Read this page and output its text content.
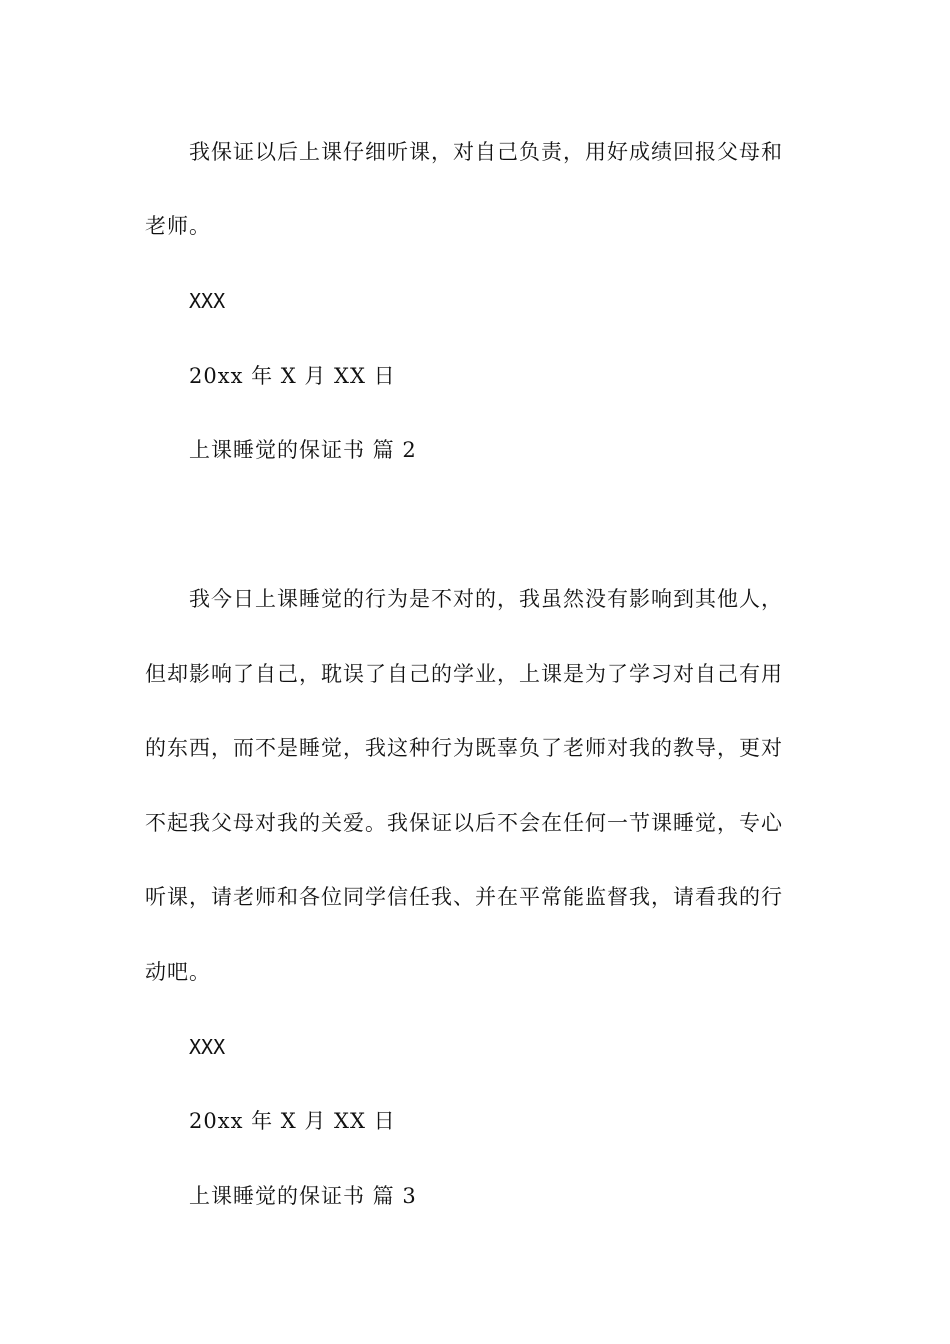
我保证以后上课仔细听课，对自己负责，用好成绩回报父母和
老师。
XXX
20xx 年 X 月 XX 日
上课睡觉的保证书 篇 2
我今日上课睡觉的行为是不对的，我虽然没有影响到其他人，
但却影响了自己，耽误了自己的学业，上课是为了学习对自己有用
的东西，而不是睡觉，我这种行为既辜负了老师对我的教导，更对
不起我父母对我的关爱。我保证以后不会在任何一节课睡觉，专心
听课，请老师和各位同学信任我、并在平常能监督我，请看我的行
动吧。
XXX
20xx 年 X 月 XX 日
上课睡觉的保证书 篇 3
